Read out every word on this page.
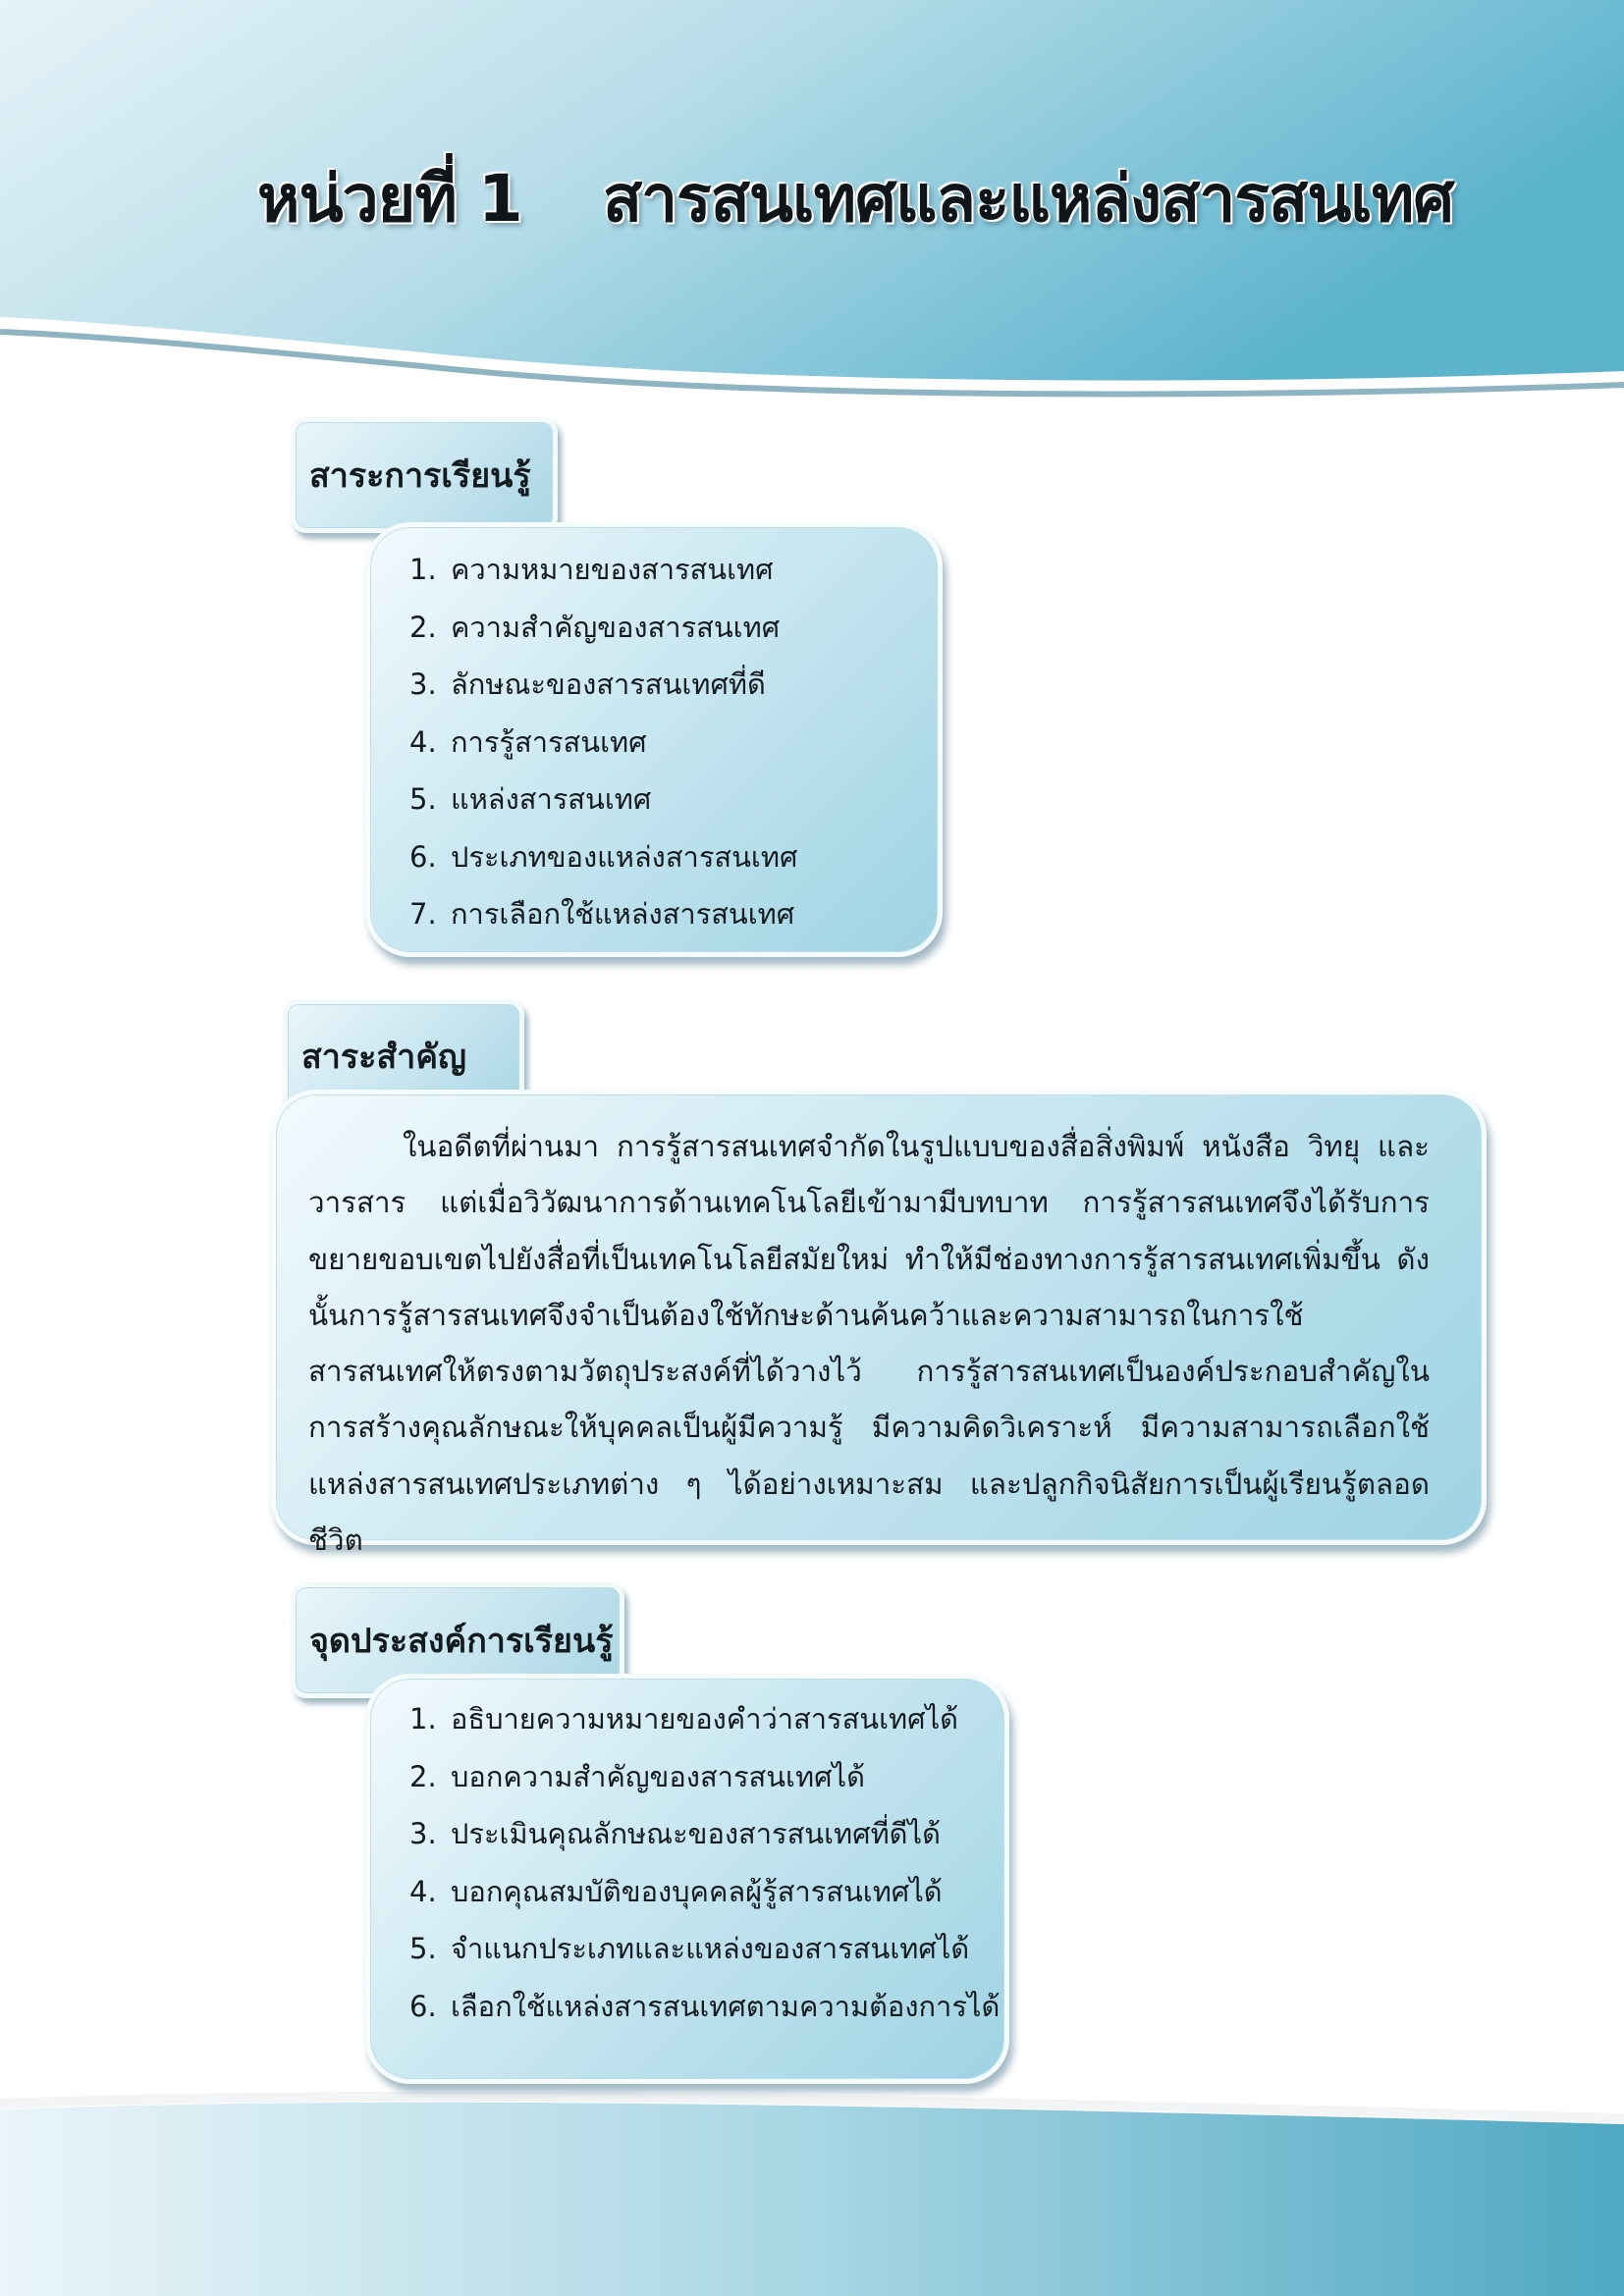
หน่วยที่ 1 สารสนเทศและแหล่งสารสนเทศ
สาระการเรียนรู้
1. ความหมายของสารสนเทศ
2. ความสำคัญของสารสนเทศ
3. ลักษณะของสารสนเทศที่ดี
4. การรู้สารสนเทศ
5. แหล่งสารสนเทศ
6. ประเภทของแหล่งสารสนเทศ
7. การเลือกใช้แหล่งสารสนเทศ
สาระสำคัญ

ในอดีตที่ผ่านมา การรู้สารสนเทศจำกัดในรูปแบบของสื่อสิ่งพิมพ์ หนังสือ วิทยุ และวารสาร แต่เมื่อวิวัฒนาการด้านเทคโนโลยีเข้ามามีบทบาท การรู้สารสนเทศจึงได้รับการขยายขอบเขตไปยังสื่อที่เป็นเทคโนโลยีสมัยใหม่ ทำให้มีช่องทางการรู้สารสนเทศเพิ่มขึ้น ดังนั้นการรู้สารสนเทศจึงจำเป็นต้องใช้ทักษะด้านค้นคว้าและความสามารถในการใช้สารสนเทศให้ตรงตามวัตถุประสงค์ที่ได้วางไว้ การรู้สารสนเทศเป็นองค์ประกอบสำคัญในการสร้างคุณลักษณะให้บุคคลเป็นผู้มีความรู้ มีความคิดวิเคราะห์ มีความสามารถเลือกใช้แหล่งสารสนเทศประเภทต่าง ๆ ได้อย่างเหมาะสม และปลูกกิจนิสัยการเป็นผู้เรียนรู้ตลอดชีวิต

จุดประสงค์การเรียนรู้
1. อธิบายความหมายของคำว่าสารสนเทศได้
2. บอกความสำคัญของสารสนเทศได้
3. ประเมินคุณลักษณะของสารสนเทศที่ดีได้
4. บอกคุณสมบัติของบุคคลผู้รู้สารสนเทศได้
5. จำแนกประเภทและแหล่งของสารสนเทศได้
6. เลือกใช้แหล่งสารสนเทศตามความต้องการได้
